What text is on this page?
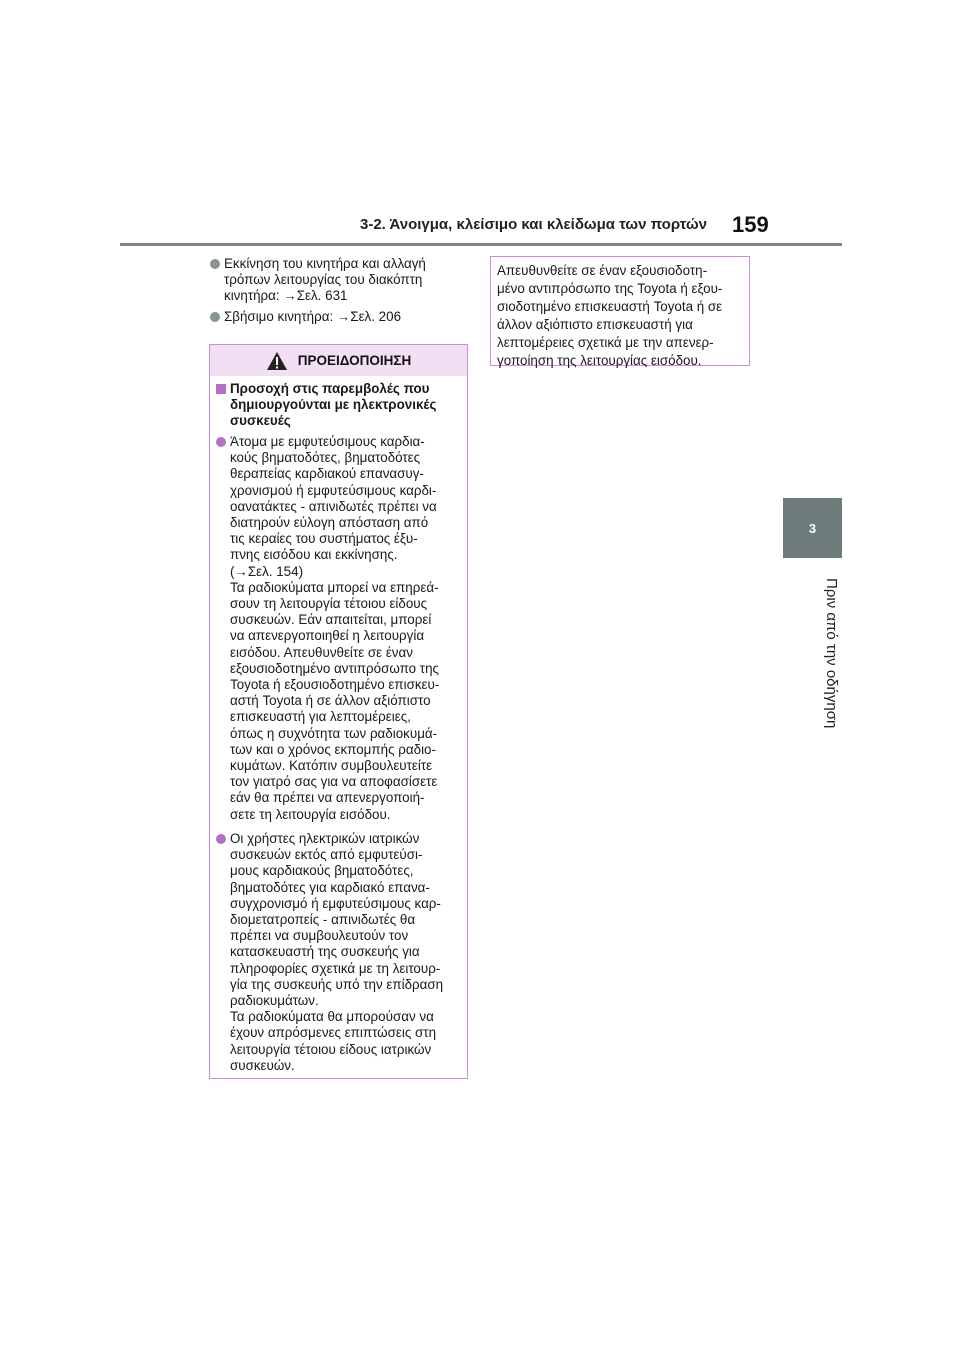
3-2. Άνοιγμα, κλείσιμο και κλείδωμα των πορτών 159
3
Πριν από την οδήγηση
Εκκίνηση του κινητήρα και αλλαγή
τρόπων λειτουργίας του διακόπτη
κινητήρα: →Σελ. 631
Σβήσιμο κινητήρα: →Σελ. 206
ΠΡΟΕΙΔΟΠΟΙΗΣΗ
Προσοχή στις παρεμβολές που
δημιουργούνται με ηλεκτρονικές
συσκευές
Άτομα με εμφυτεύσιμους καρδια-
κούς βηματοδότες, βηματοδότες
θεραπείας καρδιακού επανασυγ-
χρονισμού ή εμφυτεύσιμους καρδι-
οανατάκτες - απινιδωτές πρέπει να
διατηρούν εύλογη απόσταση από
τις κεραίες του συστήματος έξυ-
πνης εισόδου και εκκίνησης.
(→Σελ. 154)
Τα ραδιοκύματα μπορεί να επηρεά-
σουν τη λειτουργία τέτοιου είδους
συσκευών. Εάν απαιτείται, μπορεί
να απενεργοποιηθεί η λειτουργία
εισόδου. Απευθυνθείτε σε έναν
εξουσιοδοτημένο αντιπρόσωπο της
Toyota ή εξουσιοδοτημένο επισκευ-
αστή Toyota ή σε άλλον αξιόπιστο
επισκευαστή για λεπτομέρειες,
όπως η συχνότητα των ραδιοκυμά-
των και ο χρόνος εκπομπής ραδιο-
κυμάτων. Κατόπιν συμβουλευτείτε
τον γιατρό σας για να αποφασίσετε
εάν θα πρέπει να απενεργοποιή-
σετε τη λειτουργία εισόδου.
Οι χρήστες ηλεκτρικών ιατρικών
συσκευών εκτός από εμφυτεύσι-
μους καρδιακούς βηματοδότες,
βηματοδότες για καρδιακό επανα-
συγχρονισμό ή εμφυτεύσιμους καρ-
διομετατροπείς - απινιδωτές θα
πρέπει να συμβουλευτούν τον
κατασκευαστή της συσκευής για
πληροφορίες σχετικά με τη λειτουρ-
γία της συσκευής υπό την επίδραση
ραδιοκυμάτων.
Τα ραδιοκύματα θα μπορούσαν να
έχουν απρόσμενες επιπτώσεις στη
λειτουργία τέτοιου είδους ιατρικών
συσκευών.
Απευθυνθείτε σε έναν εξουσιοδοτη-
μένο αντιπρόσωπο της Toyota ή εξου-
σιοδοτημένο επισκευαστή Toyota ή σε
άλλον αξιόπιστο επισκευαστή για
λεπτομέρειες σχετικά με την απενερ-
γοποίηση της λειτουργίας εισόδου.
